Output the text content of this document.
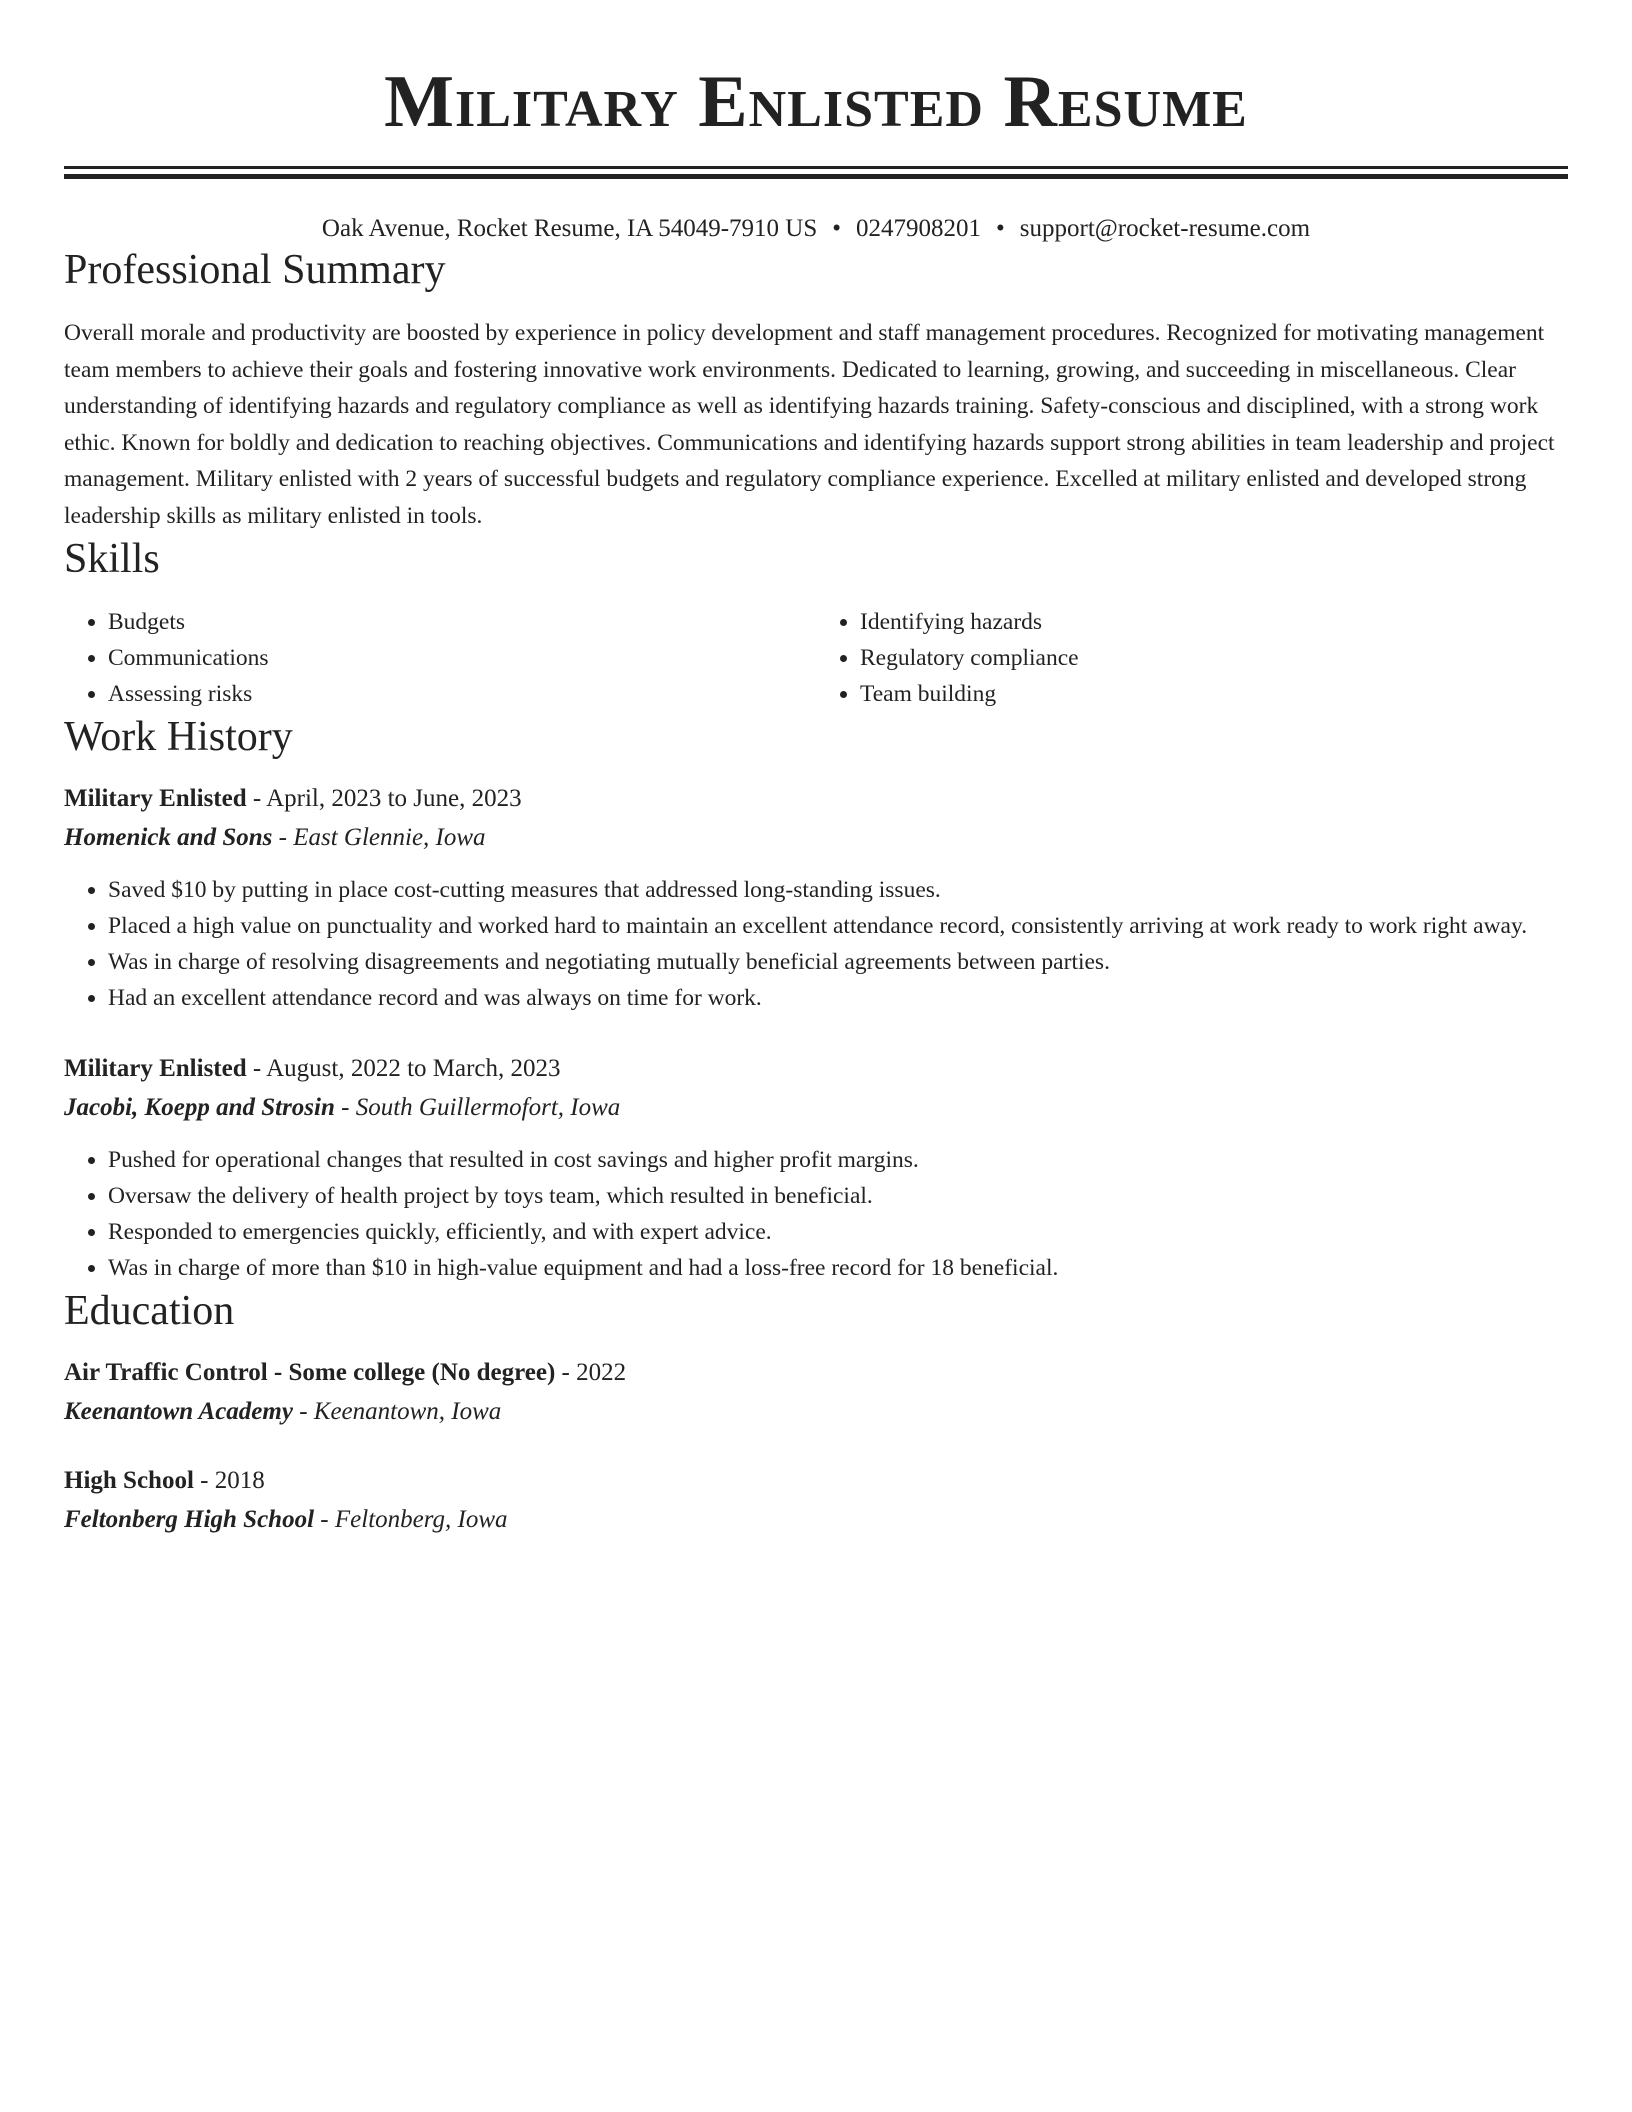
Military Enlisted Resume
Oak Avenue, Rocket Resume, IA 54049-7910 US • 0247908201 • support@rocket-resume.com
Professional Summary
Overall morale and productivity are boosted by experience in policy development and staff management procedures. Recognized for motivating management team members to achieve their goals and fostering innovative work environments. Dedicated to learning, growing, and succeeding in miscellaneous. Clear understanding of identifying hazards and regulatory compliance as well as identifying hazards training. Safety-conscious and disciplined, with a strong work ethic. Known for boldly and dedication to reaching objectives. Communications and identifying hazards support strong abilities in team leadership and project management. Military enlisted with 2 years of successful budgets and regulatory compliance experience. Excelled at military enlisted and developed strong leadership skills as military enlisted in tools.
Skills
• Budgets
• Communications
• Assessing risks
• Identifying hazards
• Regulatory compliance
• Team building
Work History
Military Enlisted - April, 2023 to June, 2023
Homenick and Sons - East Glennie, Iowa
• Saved $10 by putting in place cost-cutting measures that addressed long-standing issues.
• Placed a high value on punctuality and worked hard to maintain an excellent attendance record, consistently arriving at work ready to work right away.
• Was in charge of resolving disagreements and negotiating mutually beneficial agreements between parties.
• Had an excellent attendance record and was always on time for work.
Military Enlisted - August, 2022 to March, 2023
Jacobi, Koepp and Strosin - South Guillermofort, Iowa
• Pushed for operational changes that resulted in cost savings and higher profit margins.
• Oversaw the delivery of health project by toys team, which resulted in beneficial.
• Responded to emergencies quickly, efficiently, and with expert advice.
• Was in charge of more than $10 in high-value equipment and had a loss-free record for 18 beneficial.
Education
Air Traffic Control - Some college (No degree) - 2022
Keenantown Academy - Keenantown, Iowa
High School - 2018
Feltonberg High School - Feltonberg, Iowa
